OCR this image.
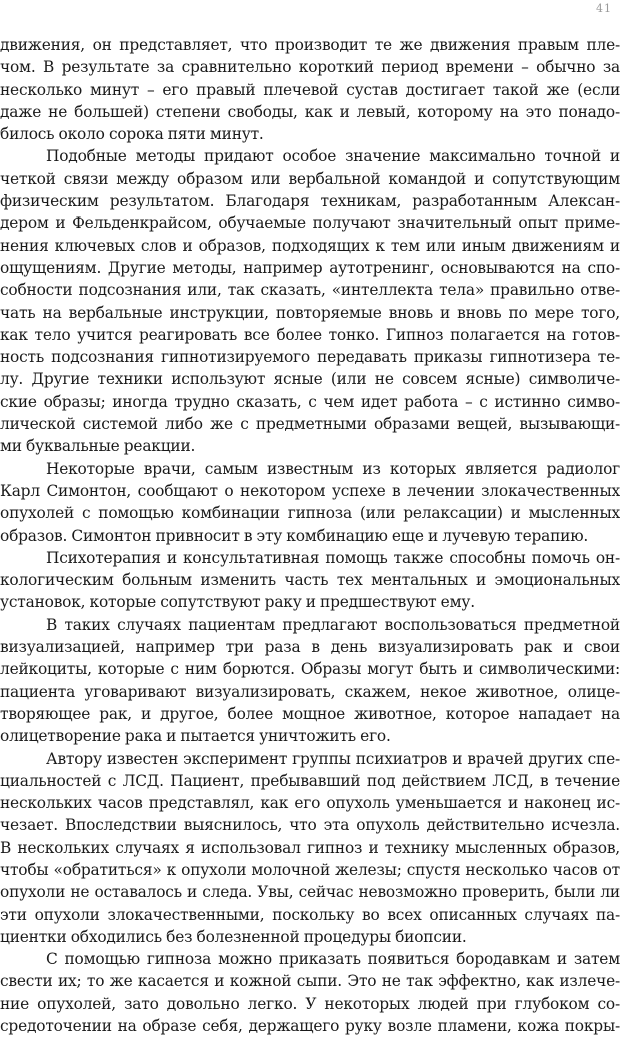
41
движения, он представляет, что производит те же движения правым пле-
чом. В результате за сравнительно короткий период времени – обычно за
несколько минут – его правый плечевой сустав достигает такой же (если
даже не большей) степени свободы, как и левый, которому на это понадо-
билось около сорока пяти минут.
Подобные методы придают особое значение максимально точной и
четкой связи между образом или вербальной командой и сопутствующим
физическим результатом. Благодаря техникам, разработанным Алексан-
дером и Фельденкрайсом, обучаемые получают значительный опыт приме-
нения ключевых слов и образов, подходящих к тем или иным движениям и
ощущениям. Другие методы, например аутотренинг, основываются на спо-
собности подсознания или, так сказать, «интеллекта тела» правильно отве-
чать на вербальные инструкции, повторяемые вновь и вновь по мере того,
как тело учится реагировать все более тонко. Гипноз полагается на готов-
ность подсознания гипнотизируемого передавать приказы гипнотизера те-
лу. Другие техники используют ясные (или не совсем ясные) символиче-
ские образы; иногда трудно сказать, с чем идет работа – с истинно симво-
лической системой либо же с предметными образами вещей, вызывающи-
ми буквальные реакции.
Некоторые врачи, самым известным из которых является радиолог
Карл Симонтон, сообщают о некотором успехе в лечении злокачественных
опухолей с помощью комбинации гипноза (или релаксации) и мысленных
образов. Симонтон привносит в эту комбинацию еще и лучевую терапию.
Психотерапия и консультативная помощь также способны помочь он-
кологическим больным изменить часть тех ментальных и эмоциональных
установок, которые сопутствуют раку и предшествуют ему.
В таких случаях пациентам предлагают воспользоваться предметной
визуализацией, например три раза в день визуализировать рак и свои
лейкоциты, которые с ним борются. Образы могут быть и символическими:
пациента уговаривают визуализировать, скажем, некое животное, олице-
творяющее рак, и другое, более мощное животное, которое нападает на
олицетворение рака и пытается уничтожить его.
Автору известен эксперимент группы психиатров и врачей других спе-
циальностей с ЛСД. Пациент, пребывавший под действием ЛСД, в течение
нескольких часов представлял, как его опухоль уменьшается и наконец ис-
чезает. Впоследствии выяснилось, что эта опухоль действительно исчезла.
В нескольких случаях я использовал гипноз и технику мысленных образов,
чтобы «обратиться» к опухоли молочной железы; спустя несколько часов от
опухоли не оставалось и следа. Увы, сейчас невозможно проверить, были ли
эти опухоли злокачественными, поскольку во всех описанных случаях па-
циентки обходились без болезненной процедуры биопсии.
С помощью гипноза можно приказать появиться бородавкам и затем
свести их; то же касается и кожной сыпи. Это не так эффектно, как излече-
ние опухолей, зато довольно легко. У некоторых людей при глубоком со-
средоточении на образе себя, держащего руку возле пламени, кожа покры-
